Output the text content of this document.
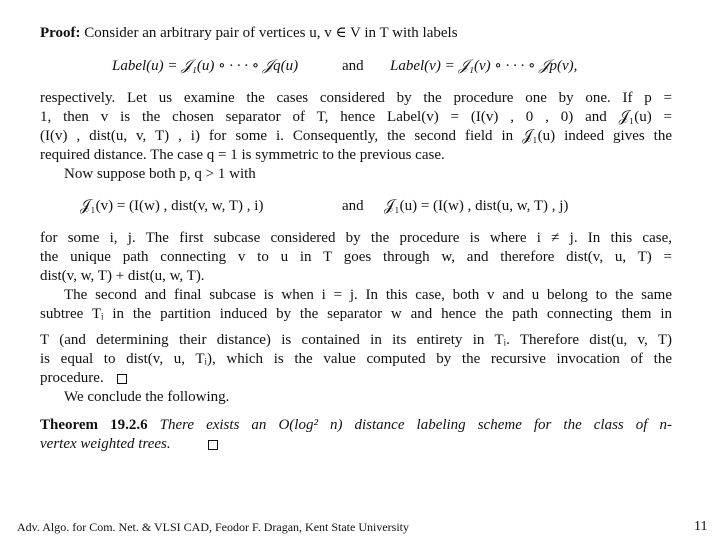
Proof: Consider an arbitrary pair of vertices u, v ∈ V in T with labels
Label(u) = 𝒥₁(u) ∘ · · · ∘ 𝒥q(u)	and Label(v) = 𝒥₁(v) ∘ · · · ∘ 𝒥p(v),
respectively. Let us examine the cases considered by the procedure one by one. If p =
1, then v is the chosen separator of T, hence Label(v) = (I(v) , 0 , 0) and 𝒥₁(u) =
(I(v) , dist(u, v, T) , i) for some i. Consequently, the second field in 𝒥₁(u) indeed gives the
required distance. The case q = 1 is symmetric to the previous case.
Now suppose both p, q > 1 with
𝒥₁(v) = (I(w) , dist(v, w, T) , i)	and 𝒥₁(u) = (I(w) , dist(u, w, T) , j)
for some i, j. The first subcase considered by the procedure is where i ≠ j. In this case,
the unique path connecting v to u in T goes through w, and therefore dist(v, u, T) =
dist(v, w, T) + dist(u, w, T).
The second and final subcase is when i = j. In this case, both v and u belong to the same
subtree Tᵢ in the partition induced by the separator w and hence the path connecting them in
T (and determining their distance) is contained in its entirety in Tᵢ. Therefore dist(u, v, T)
is equal to dist(v, u, Tᵢ), which is the value computed by the recursive invocation of the
procedure.
We conclude the following.
Theorem 19.2.6 There exists an O(log² n) distance labeling scheme for the class of n-
vertex weighted trees.
Adv. Algo. for Com. Net. & VLSI CAD, Feodor F. Dragan, Kent State University	11
